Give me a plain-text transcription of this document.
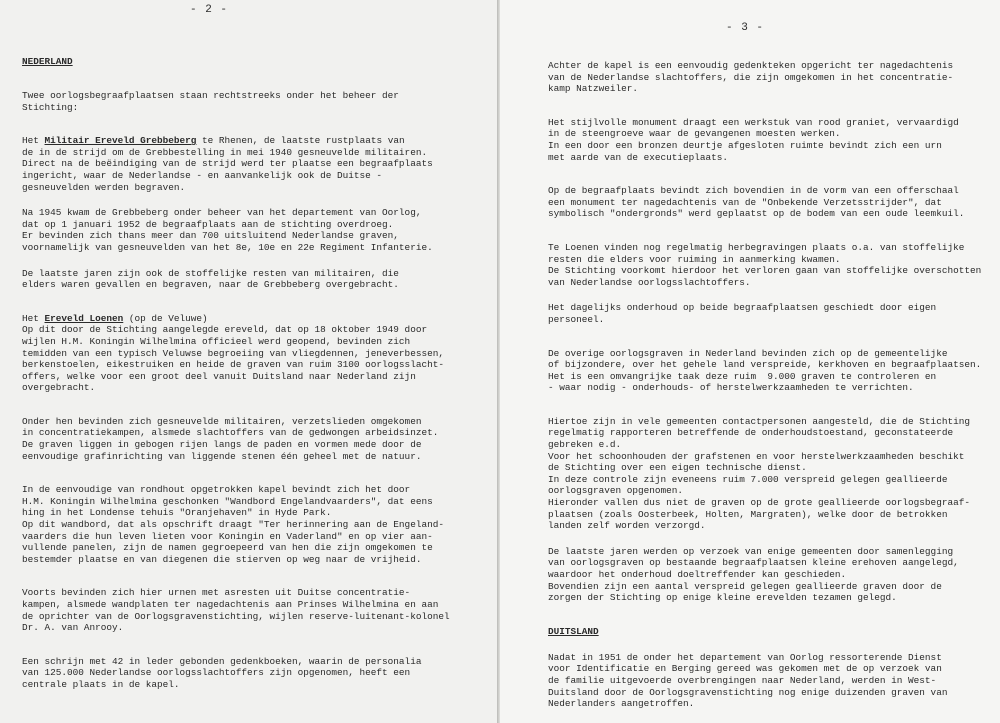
- 2 -
NEDERLAND

Twee oorlogsbegraafplaatsen staan rechtstreeks onder het beheer der

Stichting:

Het Militair Ereveld Grebbeberg te Rhenen, de laatste rustplaats van

de in de strijd om de Grebbestelling in mei 1940 gesneuvelde militairen.

Direct na de beëindiging van de strijd werd ter plaatse een begraafplaats

ingericht, waar de Nederlandse - en aanvankelijk ook de Duitse -

gesneuvelden werden begraven.

Na 1945 kwam de Grebbeberg onder beheer van het departement van Oorlog,

dat op 1 januari 1952 de begraafplaats aan de stichting overdroeg.

Er bevinden zich thans meer dan 700 uitsluitend Nederlandse graven,

voornamelijk van gesneuvelden van het 8e, 10e en 22e Regiment Infanterie.

De laatste jaren zijn ook de stoffelijke resten van militairen, die

elders waren gevallen en begraven, naar de Grebbeberg overgebracht.

Het Ereveld Loenen (op de Veluwe)

Op dit door de Stichting aangelegde ereveld, dat op 18 oktober 1949 door

wijlen H.M. Koningin Wilhelmina officieel werd geopend, bevinden zich

temidden van een typisch Veluwse begroeiing van vliegdennen, jeneverbessen,

berkenstoelen, eikestruiken en heide de graven van ruim 3100 oorlogsslacht-

offers, welke voor een groot deel vanuit Duitsland naar Nederland zijn

overgebracht.

Onder hen bevinden zich gesneuvelde militairen, verzetslieden omgekomen

in concentratiekampen, alsmede slachtoffers van de gedwongen arbeidsinzet.

De graven liggen in gebogen rijen langs de paden en vormen mede door de

eenvoudige grafinrichting van liggende stenen één geheel met de natuur.

In de eenvoudige van rondhout opgetrokken kapel bevindt zich het door

H.M. Koningin Wilhelmina geschonken "Wandbord Engelandvaarders", dat eens

hing in het Londense tehuis "Oranjehaven" in Hyde Park.

Op dit wandbord, dat als opschrift draagt "Ter herinnering aan de Engeland-

vaarders die hun leven lieten voor Koningin en Vaderland" en op vier aan-

vullende panelen, zijn de namen gegroepeerd van hen die zijn omgekomen te

bestemder plaatse en van diegenen die stierven op weg naar de vrijheid.

Voorts bevinden zich hier urnen met asresten uit Duitse concentratie-

kampen, alsmede wandplaten ter nagedachtenis aan Prinses Wilhelmina en aan

de oprichter van de Oorlogsgravenstichting, wijlen reserve-luitenant-kolonel

Dr. A. van Anrooy.

Een schrijn met 42 in leder gebonden gedenkboeken, waarin de personalia

van 125.000 Nederlandse oorlogsslachtoffers zijn opgenomen, heeft een

centrale plaats in de kapel.

- 3 -

Achter de kapel is een eenvoudig gedenkteken opgericht ter nagedachtenis

van de Nederlandse slachtoffers, die zijn omgekomen in het concentratie-

kamp Natzweiler.

Het stijlvolle monument draagt een werkstuk van rood graniet, vervaardigd

in de steengroeve waar de gevangenen moesten werken.

In een door een bronzen deurtje afgesloten ruimte bevindt zich een urn

met aarde van de executieplaats.

Op de begraafplaats bevindt zich bovendien in de vorm van een offerschaal

een monument ter nagedachtenis van de "Onbekende Verzetsstrijder", dat

symbolisch "ondergronds" werd geplaatst op de bodem van een oude leemkuil.

Te Loenen vinden nog regelmatig herbegravingen plaats o.a. van stoffelijke

resten die elders voor ruiming in aanmerking kwamen.

De Stichting voorkomt hierdoor het verloren gaan van stoffelijke overschotten

van Nederlandse oorlogsslachtoffers.

Het dagelijks onderhoud op beide begraafplaatsen geschiedt door eigen

personeel.

De overige oorlogsgraven in Nederland bevinden zich op de gemeentelijke

of bijzondere, over het gehele land verspreide, kerkhoven en begraafplaatsen.

Het is een omvangrijke taak deze ruim  9.000 graven te controleren en

- waar nodig - onderhouds- of herstelwerkzaamheden te verrichten.

Hiertoe zijn in vele gemeenten contactpersonen aangesteld, die de Stichting

regelmatig rapporteren betreffende de onderhoudstoestand, geconstateerde

gebreken e.d.

Voor het schoonhouden der grafstenen en voor herstelwerkzaamheden beschikt

de Stichting over een eigen technische dienst.

In deze controle zijn eveneens ruim 7.000 verspreid gelegen geallieerde

oorlogsgraven opgenomen.

Hieronder vallen dus niet de graven op de grote geallieerde oorlogsbegraaf-

plaatsen (zoals Oosterbeek, Holten, Margraten), welke door de betrokken

landen zelf worden verzorgd.

De laatste jaren werden op verzoek van enige gemeenten door samenlegging

van oorlogsgraven op bestaande begraafplaatsen kleine erehoven aangelegd,

waardoor het onderhoud doeltreffender kan geschieden.

Bovendien zijn een aantal verspreid gelegen geallieerde graven door de

zorgen der Stichting op enige kleine erevelden tezamen gelegd.

DUITSLAND

Nadat in 1951 de onder het departement van Oorlog ressorterende Dienst

voor Identificatie en Berging gereed was gekomen met de op verzoek van

de familie uitgevoerde overbrengingen naar Nederland, werden in West-

Duitsland door de Oorlogsgravenstichting nog enige duizenden graven van

Nederlanders aangetroffen.
